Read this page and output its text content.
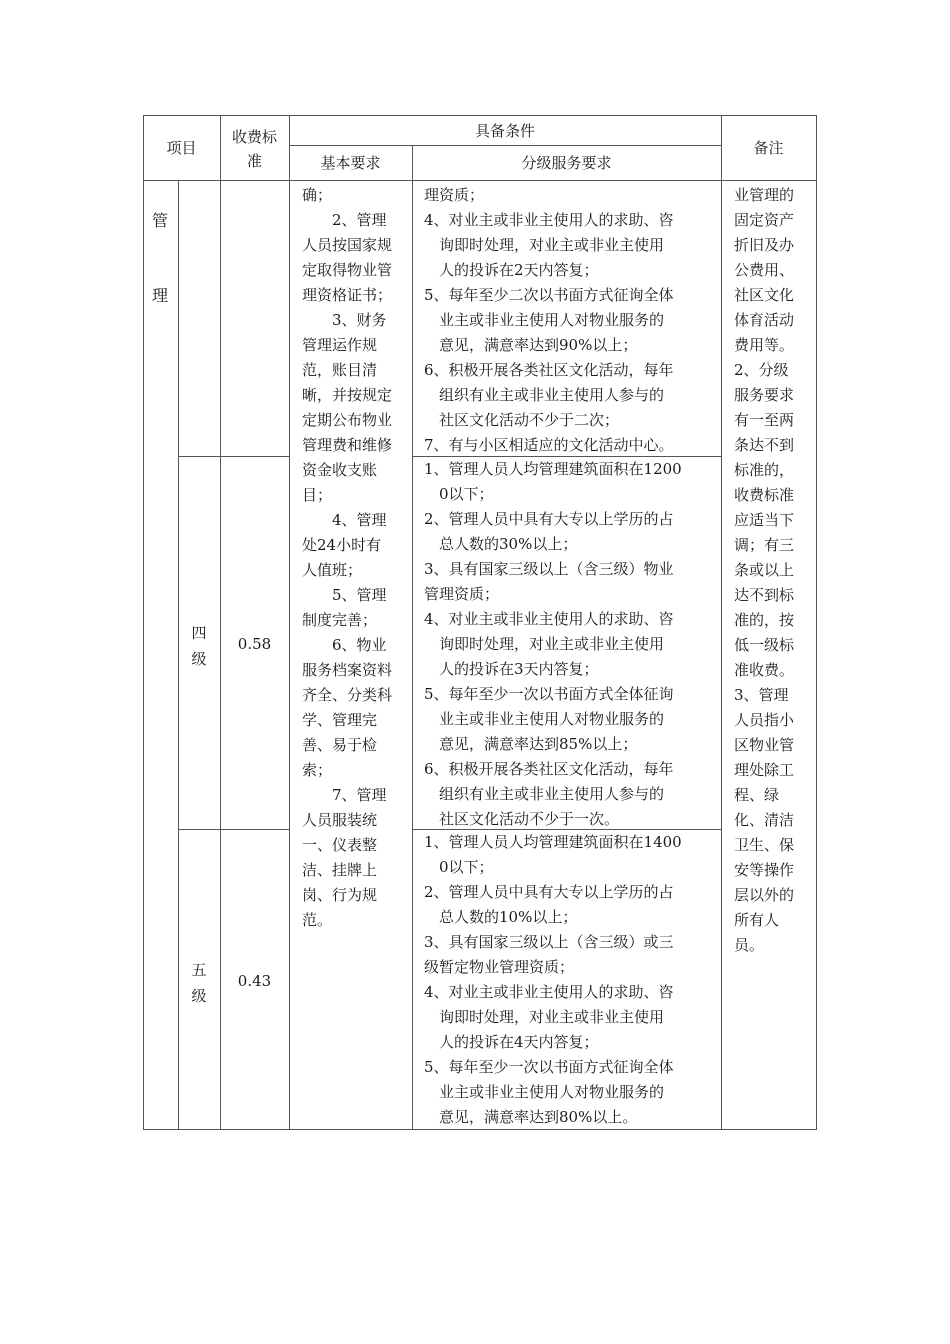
项目
收费标
准
具备条件
基本要求	分级服务要求
备注
管
理
四
级
0.58
五
级
0.43
确；
　　2、管理
人员按国家规
定取得物业管
理资格证书；
　　3、财务
管理运作规
范，账目清
晰，并按规定
定期公布物业
管理费和维修
资金收支账
目；
　　4、管理
处24小时有
人值班；
　　5、管理
制度完善；
　　6、物业
服务档案资料
齐全、分类科
学、管理完
善、易于检
索；
　　7、管理
人员服装统
一、仪表整
洁、挂牌上
岗、行为规
范。
理资质；
4、对业主或非业主使用人的求助、咨
　询即时处理，对业主或非业主使用
　人的投诉在2天内答复；
5、每年至少二次以书面方式征询全体
　业主或非业主使用人对物业服务的
　意见，满意率达到90%以上；
6、积极开展各类社区文化活动，每年
　组织有业主或非业主使用人参与的
　社区文化活动不少于二次；
7、有与小区相适应的文化活动中心。
1、管理人员人均管理建筑面积在1200
　0以下；
2、管理人员中具有大专以上学历的占
　总人数的30%以上；
3、具有国家三级以上（含三级）物业
管理资质；
4、对业主或非业主使用人的求助、咨
　询即时处理，对业主或非业主使用
　人的投诉在3天内答复；
5、每年至少一次以书面方式全体征询
　业主或非业主使用人对物业服务的
　意见，满意率达到85%以上；
6、积极开展各类社区文化活动，每年
　组织有业主或非业主使用人参与的
　社区文化活动不少于一次。
1、管理人员人均管理建筑面积在1400
　0以下；
2、管理人员中具有大专以上学历的占
　总人数的10%以上；
3、具有国家三级以上（含三级）或三
级暂定物业管理资质；
4、对业主或非业主使用人的求助、咨
　询即时处理，对业主或非业主使用
　人的投诉在4天内答复；
5、每年至少一次以书面方式征询全体
　业主或非业主使用人对物业服务的
　意见，满意率达到80%以上。
业管理的
固定资产
折旧及办
公费用、
社区文化
体育活动
费用等。
2、分级
服务要求
有一至两
条达不到
标准的，
收费标准
应适当下
调；有三
条或以上
达不到标
准的，按
低一级标
准收费。
3、管理
人员指小
区物业管
理处除工
程、绿
化、清洁
卫生、保
安等操作
层以外的
所有人
员。
